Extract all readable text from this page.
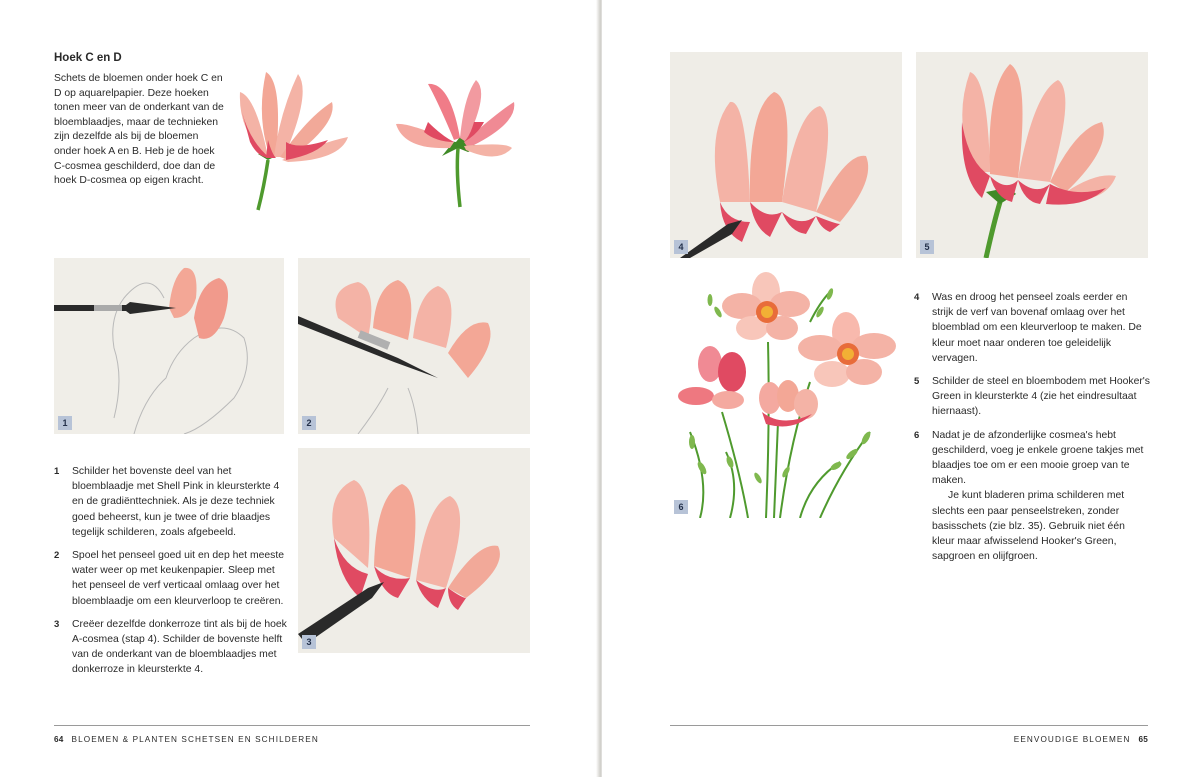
Hoek C en D
Schets de bloemen onder hoek C en D op aquarelpapier. Deze hoeken tonen meer van de onderkant van de bloemblaadjes, maar de technieken zijn dezelfde als bij de bloemen onder hoek A en B. Heb je de hoek C-cosmea geschilderd, doe dan de hoek D-cosmea op eigen kracht.
1	2
3
1 Schilder het bovenste deel van het bloemblaadje met Shell Pink in kleursterkte 4 en de gradiënttechniek. Als je deze techniek goed beheerst, kun je twee of drie blaadjes tegelijk schilderen, zoals afgebeeld.

2 Spoel het penseel goed uit en dep het meeste water weer op met keukenpapier. Sleep met het penseel de verf verticaal omlaag over het bloemblaadje om een kleurverloop te creëren.

3 Creëer dezelfde donkerroze tint als bij de hoek A-cosmea (stap 4). Schilder de bovenste helft van de onderkant van de bloemblaadjes met donkerroze in kleursterkte 4.

64 BLOEMEN & PLANTEN SCHETSEN EN SCHILDEREN
4	5
6
4 Was en droog het penseel zoals eerder en strijk de verf van bovenaf omlaag over het bloemblad om een kleurverloop te maken. De kleur moet naar onderen toe geleidelijk vervagen.

5 Schilder de steel en bloembodem met Hooker's Green in kleursterkte 4 (zie het eindresultaat hiernaast).

6 Nadat je de afzonderlijke cosmea's hebt geschilderd, voeg je enkele groene takjes met blaadjes toe om er een mooie groep van te maken.

Je kunt bladeren prima schilderen met slechts een paar penseelstreken, zonder basisschets (zie blz. 35). Gebruik niet één kleur maar afwisselend Hooker's Green, sapgroen en olijfgroen.

EENVOUDIGE BLOEMEN 65
